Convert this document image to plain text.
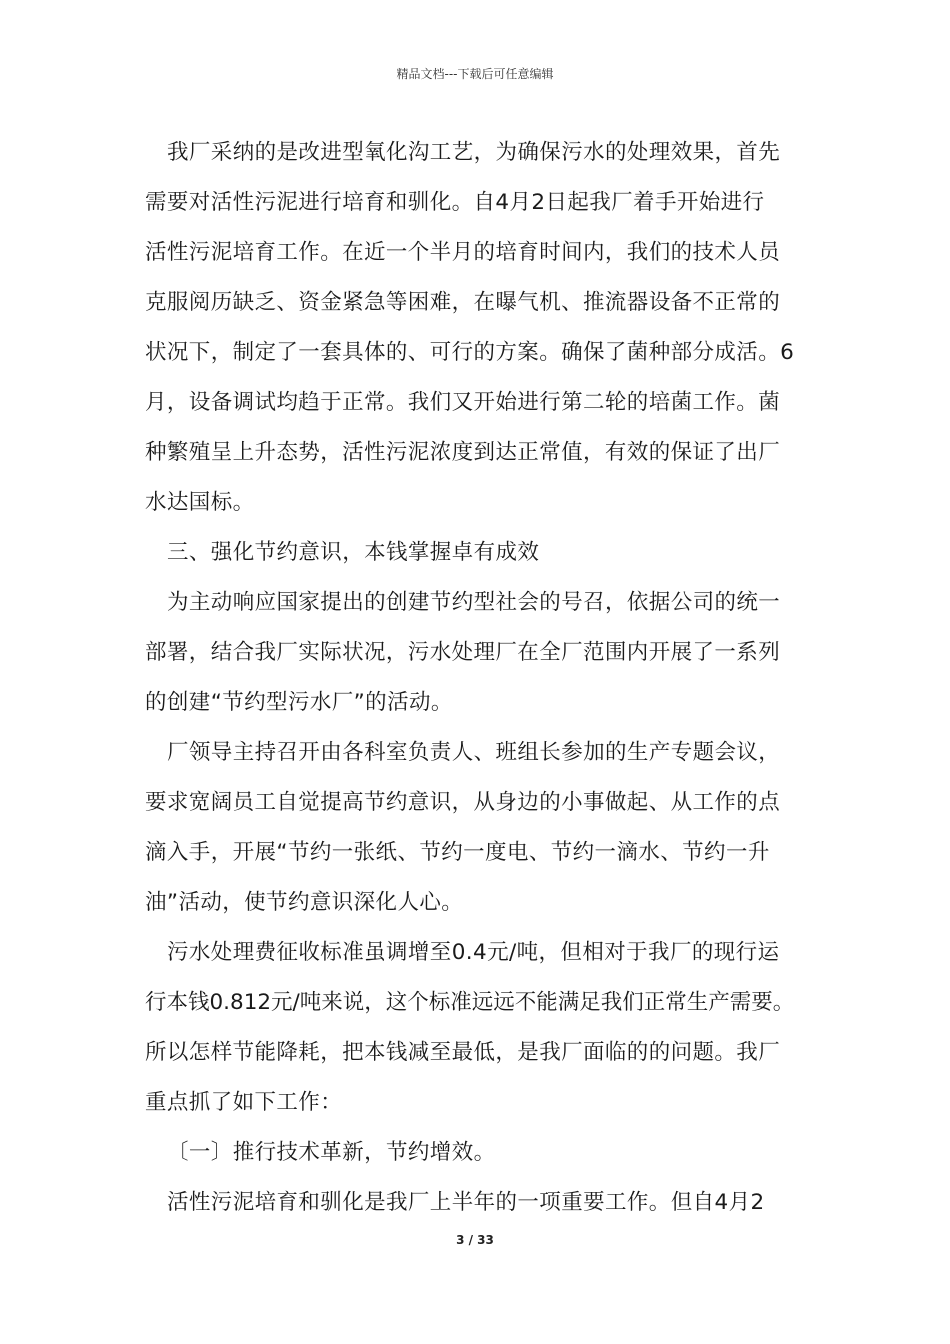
精品文档---下载后可任意编辑
我厂采纳的是改进型氧化沟工艺，为确保污水的处理效果，首先
需要对活性污泥进行培育和驯化。自4月2日起我厂着手开始进行
活性污泥培育工作。在近一个半月的培育时间内，我们的技术人员
克服阅历缺乏、资金紧急等困难，在曝气机、推流器设备不正常的
状况下，制定了一套具体的、可行的方案。确保了菌种部分成活。6
月，设备调试均趋于正常。我们又开始进行第二轮的培菌工作。菌
种繁殖呈上升态势，活性污泥浓度到达正常值，有效的保证了出厂
水达国标。
三、强化节约意识，本钱掌握卓有成效
为主动响应国家提出的创建节约型社会的号召，依据公司的统一
部署，结合我厂实际状况，污水处理厂在全厂范围内开展了一系列
的创建“节约型污水厂”的活动。
厂领导主持召开由各科室负责人、班组长参加的生产专题会议，
要求宽阔员工自觉提高节约意识，从身边的小事做起、从工作的点
滴入手，开展“节约一张纸、节约一度电、节约一滴水、节约一升
油”活动，使节约意识深化人心。
污水处理费征收标准虽调增至0.4元/吨，但相对于我厂的现行运
行本钱0.812元/吨来说，这个标准远远不能满足我们正常生产需要。
所以怎样节能降耗，把本钱减至最低，是我厂面临的的问题。我厂
重点抓了如下工作：
〔一〕推行技术革新，节约增效。
活性污泥培育和驯化是我厂上半年的一项重要工作。但自4月2
3 / 33
